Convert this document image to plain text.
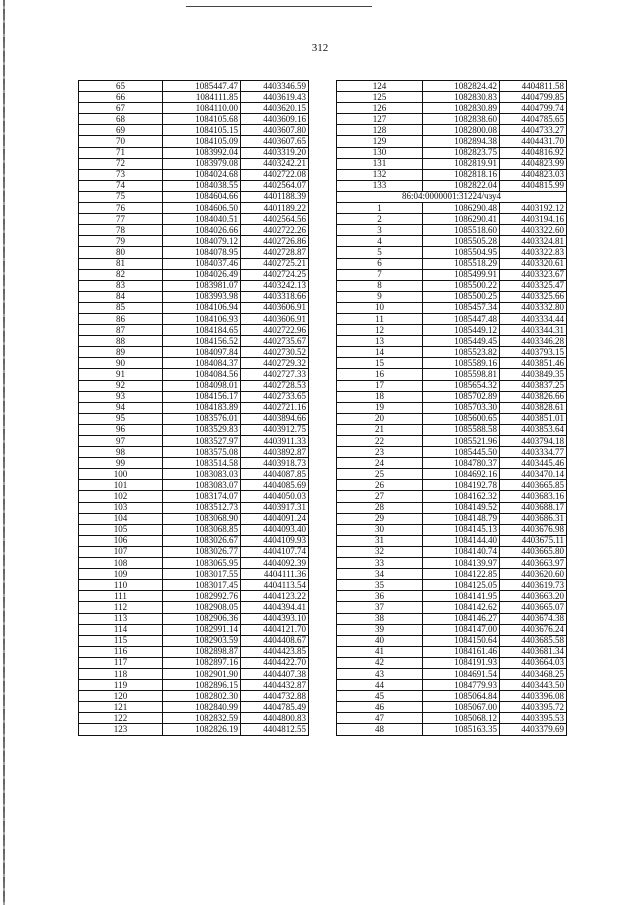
312
65	1085447.47	4403346.59
66	1084111.85	4403619.43
67	1084110.00	4403620.15
68	1084105.68	4403609.16
69	1084105.15	4403607.80
70	1084105.09	4403607.65
71	1083992.04	4403319.20
72	1083979.08	4403242.21
73	1084024.68	4402722.08
74	1084038.55	4402564.07
75	1084604.66	4401188.39
76	1084606.50	4401189.22
77	1084040.51	4402564.56
78	1084026.66	4402722.26
79	1084079.12	4402726.86
80	1084078.95	4402728.87
81	1084037.46	4402725.21
82	1084026.49	4402724.25
83	1083981.07	4403242.13
84	1083993.98	4403318.66
85	1084106.94	4403606.91
86	1084106.93	4403606.91
87	1084184.65	4402722.96
88	1084156.52	4402735.67
89	1084097.84	4402730.52
90	1084084.37	4402729.32
91	1084084.56	4402727.33
92	1084098.01	4402728.53
93	1084156.17	4402733.65
94	1084183.89	4402721.16
95	1083576.01	4403894.66
96	1083529.83	4403912.75
97	1083527.97	4403911.33
98	1083575.08	4403892.87
99	1083514.58	4403918.73
100	1083083.03	4404087.85
101	1083083.07	4404085.69
102	1083174.07	4404050.03
103	1083512.73	4403917.31
104	1083068.90	4404091.24
105	1083068.85	4404093.40
106	1083026.67	4404109.93
107	1083026.77	4404107.74
108	1083065.95	4404092.39
109	1083017.55	4404111.36
110	1083017.45	4404113.54
111	1082992.76	4404123.22
112	1082908.05	4404394.41
113	1082906.36	4404393.10
114	1082991.14	4404121.70
115	1082903.59	4404408.67
116	1082898.87	4404423.85
117	1082897.16	4404422.70
118	1082901.90	4404407.38
119	1082896.15	4404432.87
120	1082802.30	4404732.88
121	1082840.99	4404785.49
122	1082832.59	4404800.83
123	1082826.19	4404812.55
124	1082824.42	4404811.58
125	1082830.83	4404799.85
126	1082830.89	4404799.74
127	1082838.60	4404785.65
128	1082800.08	4404733.27
129	1082894.38	4404431.70
130	1082823.75	4404816.92
131	1082819.91	4404823.99
132	1082818.16	4404823.03
133	1082822.04	4404815.99
86:04:0000001:31224/чзу4		
1	1086290.48	4403192.12
2	1086290.41	4403194.16
3	1085518.60	4403322.60
4	1085505.28	4403324.81
5	1085504.95	4403322.83
6	1085518.29	4403320.61
7	1085499.91	4403323.67
8	1085500.22	4403325.47
9	1085500.25	4403325.66
10	1085457.34	4403332.80
11	1085447.48	4403334.44
12	1085449.12	4403344.31
13	1085449.45	4403346.28
14	1085523.82	4403793.15
15	1085589.16	4403851.46
16	1085598.81	4403849.35
17	1085654.32	4403837.25
18	1085702.89	4403826.66
19	1085703.30	4403828.61
20	1085600.65	4403851.01
21	1085588.58	4403853.64
22	1085521.96	4403794.18
23	1085445.50	4403334.77
24	1084780.37	4403445.46
25	1084692.16	4403470.14
26	1084192.78	4403665.85
27	1084162.32	4403683.16
28	1084149.52	4403688.17
29	1084148.79	4403686.31
30	1084145.13	4403676.98
31	1084144.40	4403675.11
32	1084140.74	4403665.80
33	1084139.97	4403663.97
34	1084122.85	4403620.60
35	1084125.05	4403619.73
36	1084141.95	4403663.20
37	1084142.62	4403665.07
38	1084146.27	4403674.38
39	1084147.00	4403676.24
40	1084150.64	4403685.58
41	1084161.46	4403681.34
42	1084191.93	4403664.03
43	1084691.54	4403468.25
44	1084779.93	4403443.50
45	1085064.84	4403396.08
46	1085067.00	4403395.72
47	1085068.12	4403395.53
48	1085163.35	4403379.69
